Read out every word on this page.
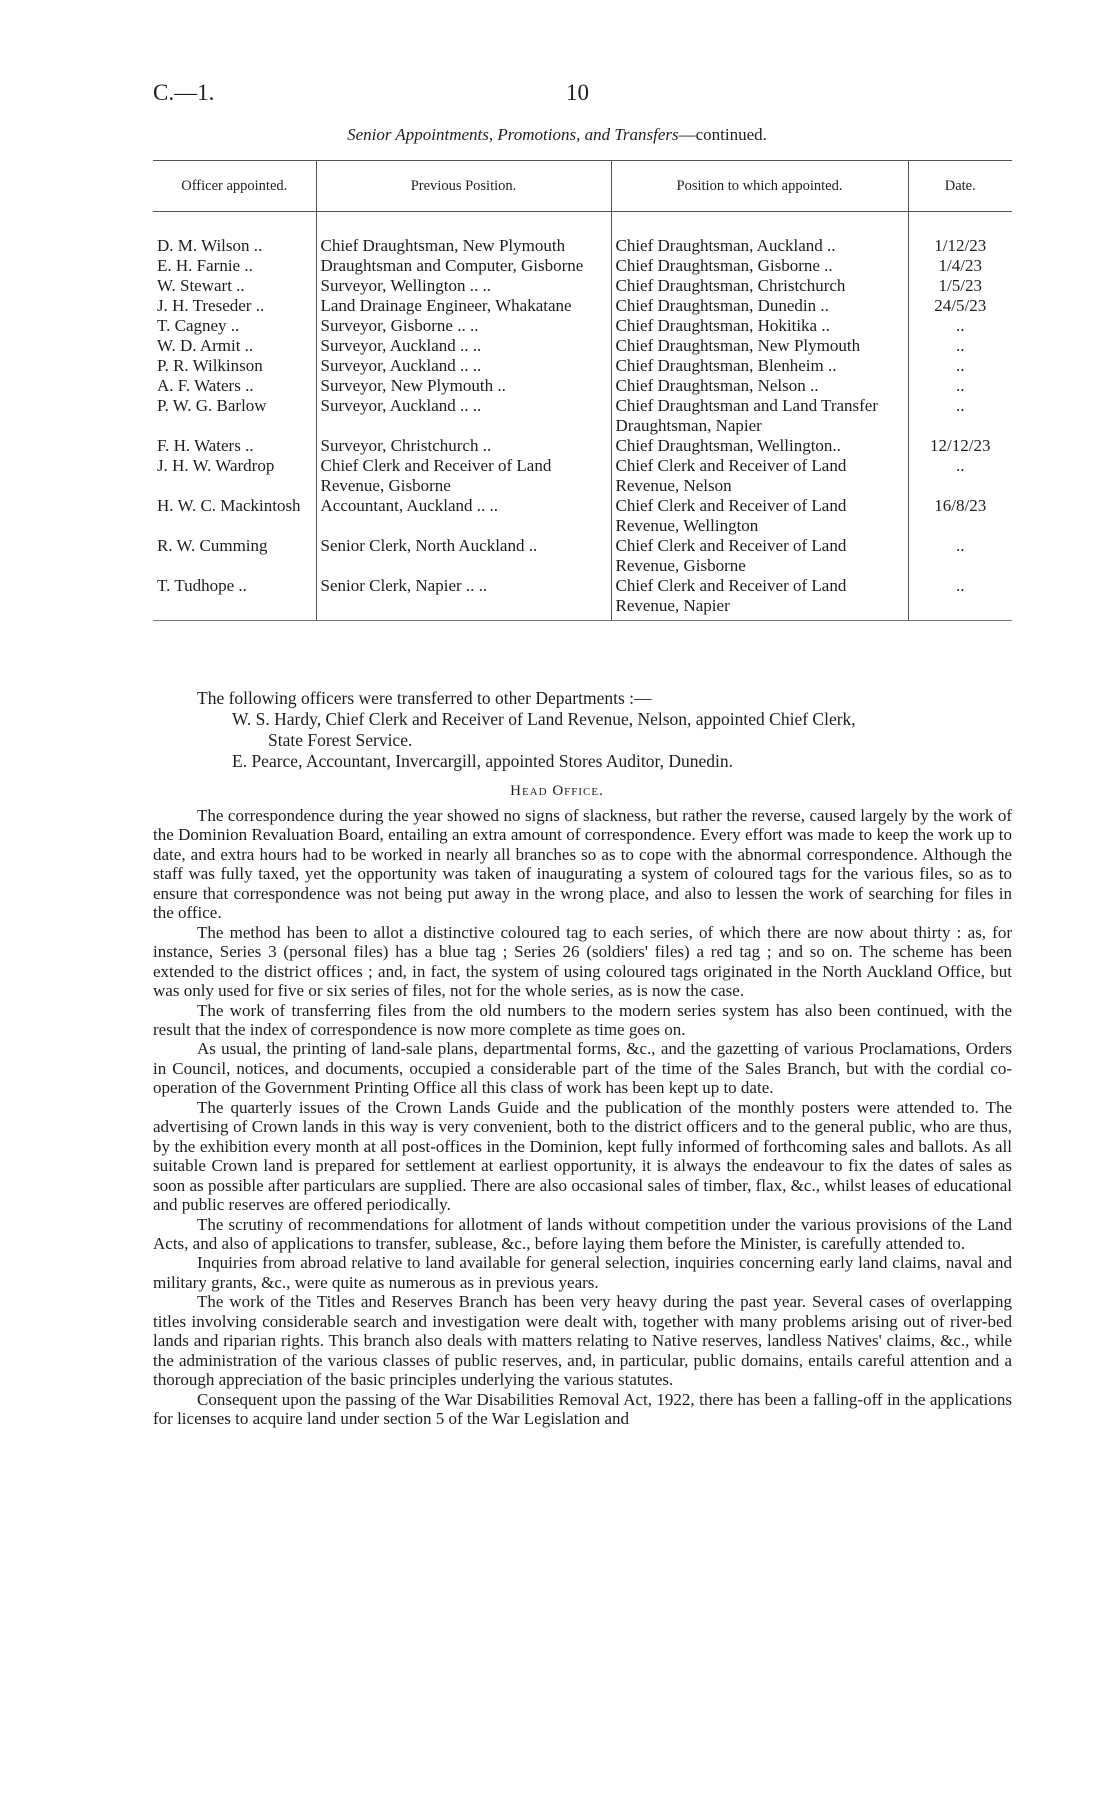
C.—1.	10
Senior Appointments, Promotions, and Transfers—continued.
Officer appointed.	Previous Position.	Position to which appointed.	Date.
D. M. Wilson ..	Chief Draughtsman, New Plymouth	Chief Draughtsman, Auckland ..	1/12/23
E. H. Farnie ..	Draughtsman and Computer, Gisborne	Chief Draughtsman, Gisborne ..	1/4/23
W. Stewart ..	Surveyor, Wellington .. ..	Chief Draughtsman, Christchurch	1/5/23
J. H. Treseder ..	Land Drainage Engineer, Whakatane	Chief Draughtsman, Dunedin ..	24/5/23
T. Cagney ..	Surveyor, Gisborne .. ..	Chief Draughtsman, Hokitika ..	..
W. D. Armit ..	Surveyor, Auckland .. ..	Chief Draughtsman, New Plymouth	..
P. R. Wilkinson	Surveyor, Auckland .. ..	Chief Draughtsman, Blenheim ..	..
A. F. Waters ..	Surveyor, New Plymouth ..	Chief Draughtsman, Nelson ..	..
P. W. G. Barlow	Surveyor, Auckland .. ..	Chief Draughtsman and Land Transfer Draughtsman, Napier	..
F. H. Waters ..	Surveyor, Christchurch ..	Chief Draughtsman, Wellington..	12/12/23
J. H. W. Wardrop	Chief Clerk and Receiver of Land Revenue, Gisborne	Chief Clerk and Receiver of Land Revenue, Nelson	..
H. W. C. Mackintosh	Accountant, Auckland .. ..	Chief Clerk and Receiver of Land Revenue, Wellington	16/8/23
R. W. Cumming	Senior Clerk, North Auckland ..	Chief Clerk and Receiver of Land Revenue, Gisborne	..
T. Tudhope ..	Senior Clerk, Napier .. ..	Chief Clerk and Receiver of Land Revenue, Napier	..
The following officers were transferred to other Departments :—
W. S. Hardy, Chief Clerk and Receiver of Land Revenue, Nelson, appointed Chief Clerk,
State Forest Service.
E. Pearce, Accountant, Invercargill, appointed Stores Auditor, Dunedin.
Head Office.

The correspondence during the year showed no signs of slackness, but rather the reverse, caused largely by the work of the Dominion Revaluation Board, entailing an extra amount of correspondence. Every effort was made to keep the work up to date, and extra hours had to be worked in nearly all branches so as to cope with the abnormal correspondence. Although the staff was fully taxed, yet the opportunity was taken of inaugurating a system of coloured tags for the various files, so as to ensure that correspondence was not being put away in the wrong place, and also to lessen the work of searching for files in the office.

The method has been to allot a distinctive coloured tag to each series, of which there are now about thirty : as, for instance, Series 3 (personal files) has a blue tag ; Series 26 (soldiers' files) a red tag ; and so on. The scheme has been extended to the district offices ; and, in fact, the system of using coloured tags originated in the North Auckland Office, but was only used for five or six series of files, not for the whole series, as is now the case.

The work of transferring files from the old numbers to the modern series system has also been continued, with the result that the index of correspondence is now more complete as time goes on.

As usual, the printing of land-sale plans, departmental forms, &c., and the gazetting of various Proclamations, Orders in Council, notices, and documents, occupied a considerable part of the time of the Sales Branch, but with the cordial co-operation of the Government Printing Office all this class of work has been kept up to date.

The quarterly issues of the Crown Lands Guide and the publication of the monthly posters were attended to. The advertising of Crown lands in this way is very convenient, both to the district officers and to the general public, who are thus, by the exhibition every month at all post-offices in the Dominion, kept fully informed of forthcoming sales and ballots. As all suitable Crown land is prepared for settlement at earliest opportunity, it is always the endeavour to fix the dates of sales as soon as possible after particulars are supplied. There are also occasional sales of timber, flax, &c., whilst leases of educational and public reserves are offered periodically.

The scrutiny of recommendations for allotment of lands without competition under the various provisions of the Land Acts, and also of applications to transfer, sublease, &c., before laying them before the Minister, is carefully attended to.

Inquiries from abroad relative to land available for general selection, inquiries concerning early land claims, naval and military grants, &c., were quite as numerous as in previous years.

The work of the Titles and Reserves Branch has been very heavy during the past year. Several cases of overlapping titles involving considerable search and investigation were dealt with, together with many problems arising out of river-bed lands and riparian rights. This branch also deals with matters relating to Native reserves, landless Natives' claims, &c., while the administration of the various classes of public reserves, and, in particular, public domains, entails careful attention and a thorough appreciation of the basic principles underlying the various statutes.

Consequent upon the passing of the War Disabilities Removal Act, 1922, there has been a falling-off in the applications for licenses to acquire land under section 5 of the War Legislation and
